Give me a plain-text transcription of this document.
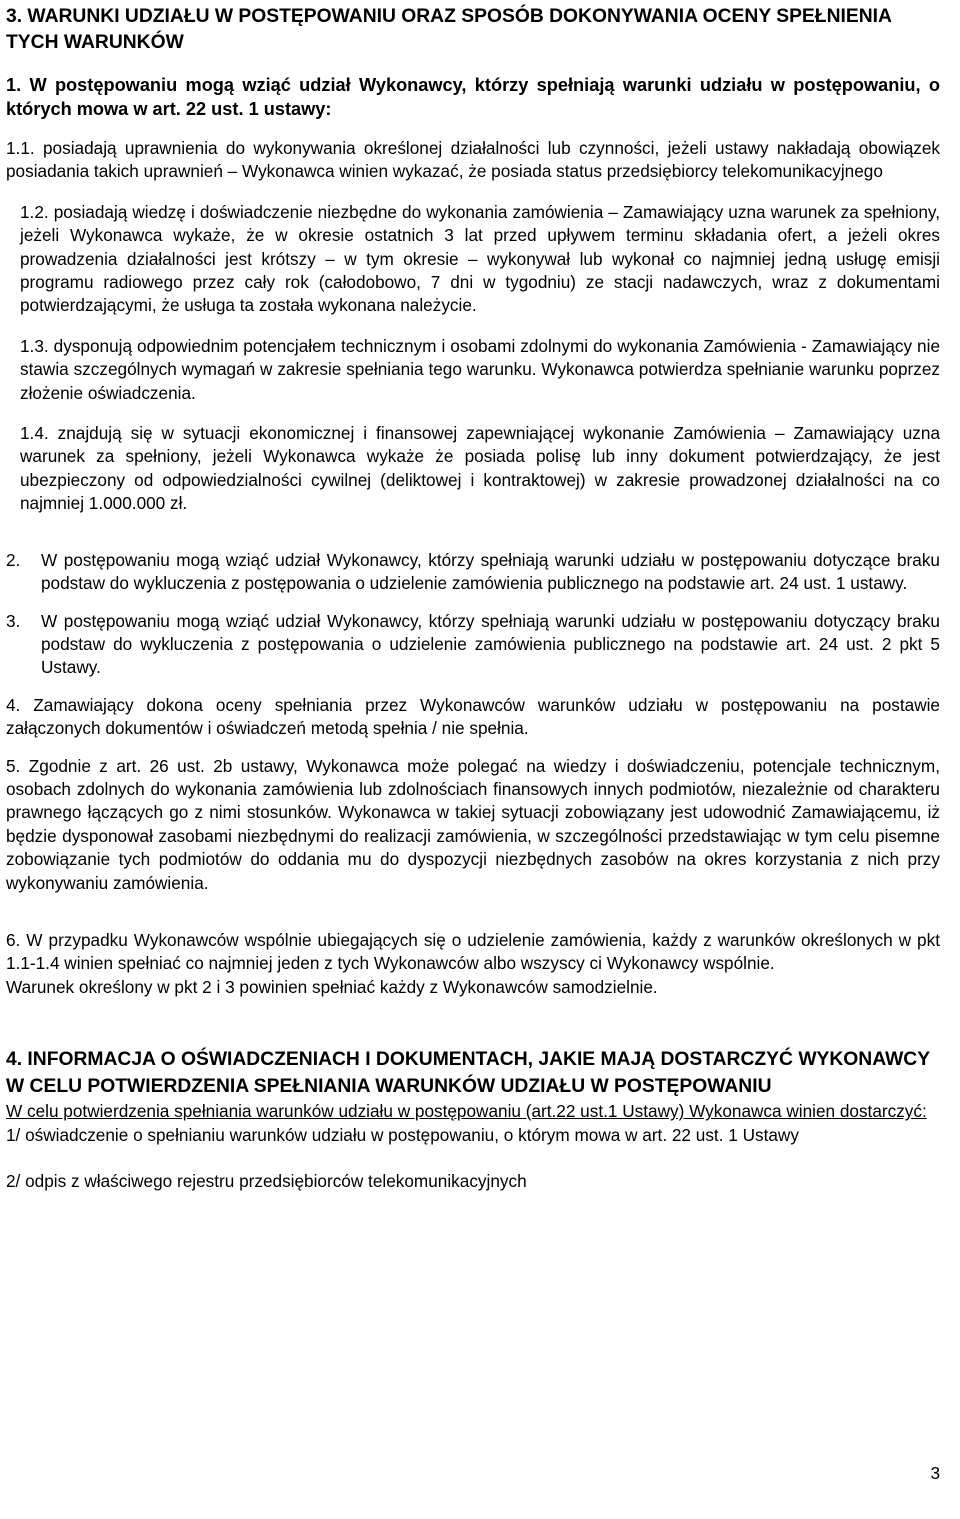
3. WARUNKI UDZIAŁU W POSTĘPOWANIU ORAZ SPOSÓB DOKONYWANIA OCENY SPEŁNIENIA TYCH WARUNKÓW

1. W postępowaniu mogą wziąć udział Wykonawcy, którzy spełniają warunki udziału w postępowaniu, o których mowa w art. 22 ust. 1 ustawy:

1.1. posiadają uprawnienia do wykonywania określonej działalności lub czynności, jeżeli ustawy nakładają obowiązek posiadania takich uprawnień – Wykonawca winien wykazać, że posiada status przedsiębiorcy telekomunikacyjnego

1.2. posiadają wiedzę i doświadczenie niezbędne do wykonania zamówienia – Zamawiający uzna warunek za spełniony, jeżeli Wykonawca wykaże, że w okresie ostatnich 3 lat przed upływem terminu składania ofert, a jeżeli okres prowadzenia działalności jest krótszy – w tym okresie – wykonywał lub wykonał co najmniej jedną usługę emisji programu radiowego przez cały rok (całodobowo, 7 dni w tygodniu) ze stacji nadawczych, wraz z dokumentami potwierdzającymi, że usługa ta została wykonana należycie.

1.3. dysponują odpowiednim potencjałem technicznym i osobami zdolnymi do wykonania Zamówienia - Zamawiający nie stawia szczególnych wymagań w zakresie spełniania tego warunku. Wykonawca potwierdza spełnianie warunku poprzez złożenie oświadczenia.

1.4. znajdują się w sytuacji ekonomicznej i finansowej zapewniającej wykonanie Zamówienia – Zamawiający uzna warunek za spełniony, jeżeli Wykonawca wykaże że posiada polisę lub inny dokument potwierdzający, że jest ubezpieczony od odpowiedzialności cywilnej (deliktowej i kontraktowej) w zakresie prowadzonej działalności na co najmniej 1.000.000 zł.

2. W postępowaniu mogą wziąć udział Wykonawcy, którzy spełniają warunki udziału w postępowaniu dotyczące braku podstaw do wykluczenia z postępowania o udzielenie zamówienia publicznego na podstawie art. 24 ust. 1 ustawy.
3. W postępowaniu mogą wziąć udział Wykonawcy, którzy spełniają warunki udziału w postępowaniu dotyczący braku podstaw do wykluczenia z postępowania o udzielenie zamówienia publicznego na podstawie art. 24 ust. 2 pkt 5 Ustawy.

4. Zamawiający dokona oceny spełniania przez Wykonawców warunków udziału w postępowaniu na postawie załączonych dokumentów i oświadczeń metodą spełnia / nie spełnia.

5. Zgodnie z art. 26 ust. 2b ustawy, Wykonawca może polegać na wiedzy i doświadczeniu, potencjale technicznym, osobach zdolnych do wykonania zamówienia lub zdolnościach finansowych innych podmiotów, niezależnie od charakteru prawnego łączących go z nimi stosunków. Wykonawca w takiej sytuacji zobowiązany jest udowodnić Zamawiającemu, iż będzie dysponował zasobami niezbędnymi do realizacji zamówienia, w szczególności przedstawiając w tym celu pisemne zobowiązanie tych podmiotów do oddania mu do dyspozycji niezbędnych zasobów na okres korzystania z nich przy wykonywaniu zamówienia.

6. W przypadku Wykonawców wspólnie ubiegających się o udzielenie zamówienia, każdy z warunków określonych w pkt 1.1-1.4 winien spełniać co najmniej jeden z tych Wykonawców albo wszyscy ci Wykonawcy wspólnie.

Warunek określony w pkt 2 i 3 powinien spełniać każdy z Wykonawców samodzielnie.

4. INFORMACJA O OŚWIADCZENIACH I DOKUMENTACH, JAKIE MAJĄ DOSTARCZYĆ WYKONAWCY W CELU POTWIERDZENIA SPEŁNIANIA WARUNKÓW UDZIAŁU W POSTĘPOWANIU

W celu potwierdzenia spełniania warunków udziału w postępowaniu (art.22 ust.1 Ustawy) Wykonawca winien dostarczyć:

1/ oświadczenie o spełnianiu warunków udziału w postępowaniu, o którym mowa w art. 22 ust. 1 Ustawy

2/ odpis z właściwego rejestru przedsiębiorców telekomunikacyjnych

3
